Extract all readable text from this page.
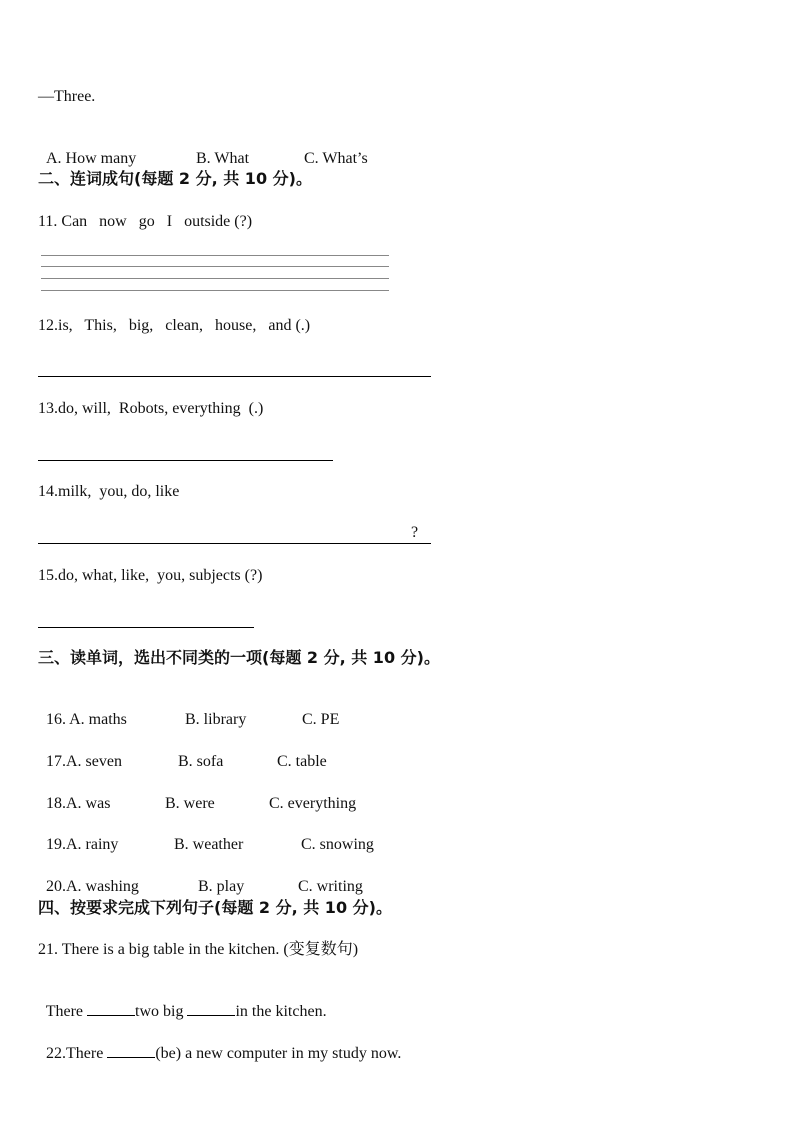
—Three.

A. How many	B. What	C. What’s

二、连词成句(每题 2 分, 共 10 分)。
11. Can   now   go   I   outside (?)
12.is,   This,   big,   clean,   house,   and (.)
13.do, will,  Robots, everything  (.)
14.milk,  you, do, like
?
15.do, what, like,  you, subjects (?)
三、读单词，选出不同类的一项(每题 2 分, 共 10 分)。

16. A. maths	B. library	C. PE

17.A. seven	B. sofa	C. table

18.A. was	B. were	C. everything

19.A. rainy	B. weather	C. snowing

20.A. washing	B. play	C. writing

四、按要求完成下列句子(每题 2 分, 共 10 分)。
21. There is a big table in the kitchen. (变复数句)

There	two big	in the kitchen.

22.There	(be) a new computer in my study now.
